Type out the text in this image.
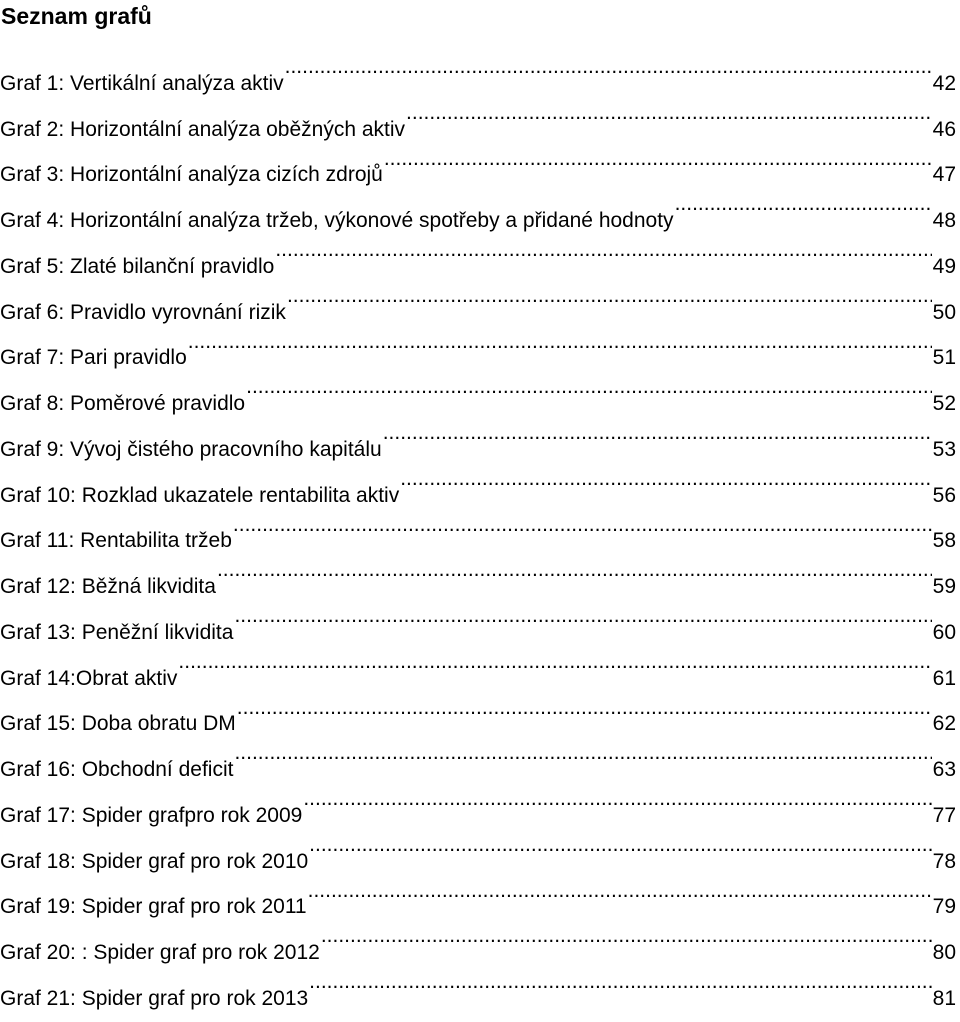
Seznam grafů
Graf 1: Vertikální analýza aktiv .....	42
Graf 2: Horizontální analýza oběžných aktiv .....	46
Graf 3: Horizontální analýza cizích zdrojů .....	47
Graf 4: Horizontální analýza tržeb, výkonové spotřeby a přidané hodnoty .....	48
Graf 5: Zlaté bilanční pravidlo .....	49
Graf 6: Pravidlo vyrovnání rizik .....	50
Graf 7: Pari pravidlo .....	51
Graf 8: Poměrové pravidlo .....	52
Graf 9: Vývoj čistého pracovního kapitálu .....	53
Graf 10: Rozklad ukazatele rentabilita aktiv .....	56
Graf 11: Rentabilita tržeb .....	58
Graf 12: Běžná likvidita .....	59
Graf 13: Peněžní likvidita .....	60
Graf 14:Obrat aktiv .....	61
Graf 15: Doba obratu DM .....	62
Graf 16: Obchodní deficit .....	63
Graf 17: Spider grafpro rok 2009 .....	77
Graf 18: Spider graf pro rok 2010 .....	78
Graf 19: Spider graf pro rok 2011 .....	79
Graf 20: : Spider graf pro rok 2012 .....	80
Graf 21: Spider graf pro rok 2013 .....	81
